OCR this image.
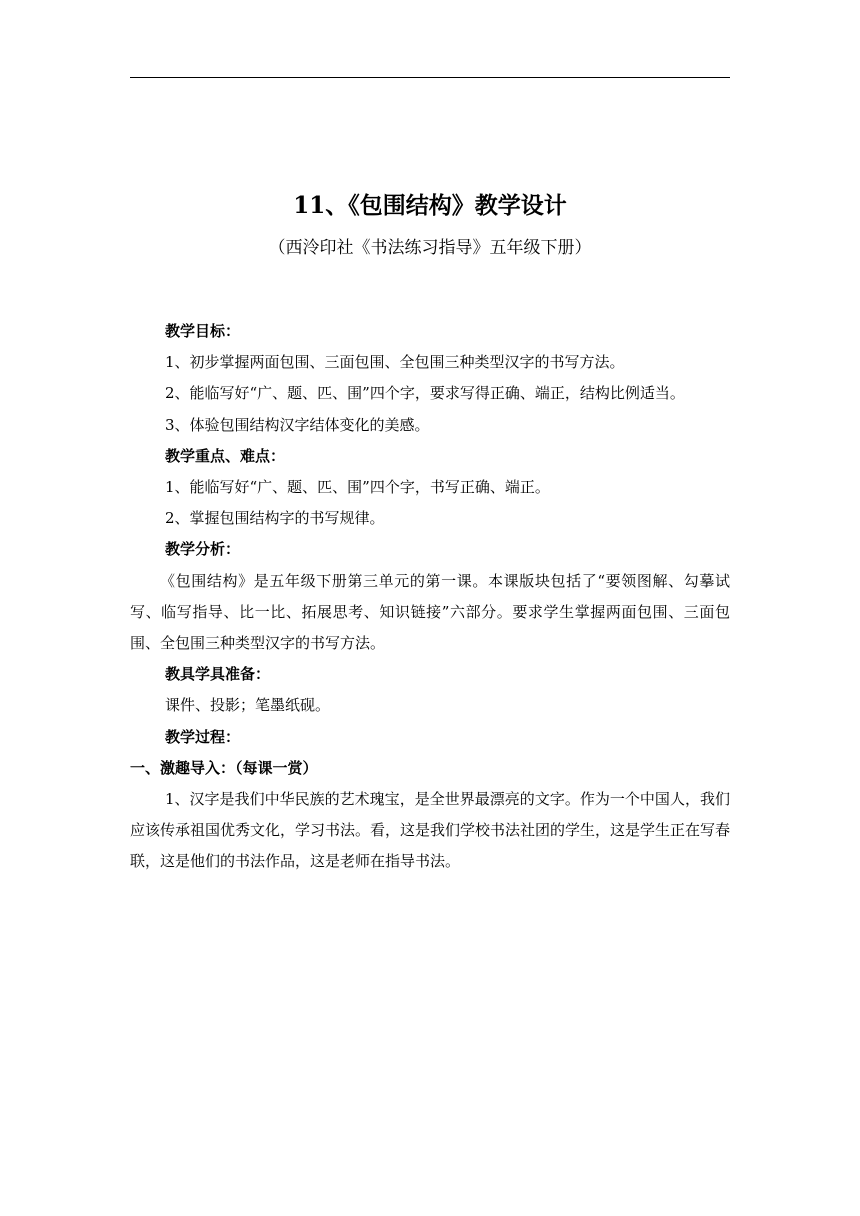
11、《包围结构》教学设计
（西泠印社《书法练习指导》五年级下册）

教学目标：

1、初步掌握两面包围、三面包围、全包围三种类型汉字的书写方法。

2、能临写好“广、题、匹、围”四个字，要求写得正确、端正，结构比例适当。

3、体验包围结构汉字结体变化的美感。

教学重点、难点：

1、能临写好“广、题、匹、围”四个字，书写正确、端正。

2、掌握包围结构字的书写规律。

教学分析：

《包围结构》是五年级下册第三单元的第一课。本课版块包括了“要领图解、勾摹试写、临写指导、比一比、拓展思考、知识链接”六部分。要求学生掌握两面包围、三面包围、全包围三种类型汉字的书写方法。

教具学具准备：

课件、投影；笔墨纸砚。

教学过程：

一、激趣导入：（每课一赏）

1、汉字是我们中华民族的艺术瑰宝，是全世界最漂亮的文字。作为一个中国人，我们应该传承祖国优秀文化，学习书法。看，这是我们学校书法社团的学生，这是学生正在写春联，这是他们的书法作品，这是老师在指导书法。
